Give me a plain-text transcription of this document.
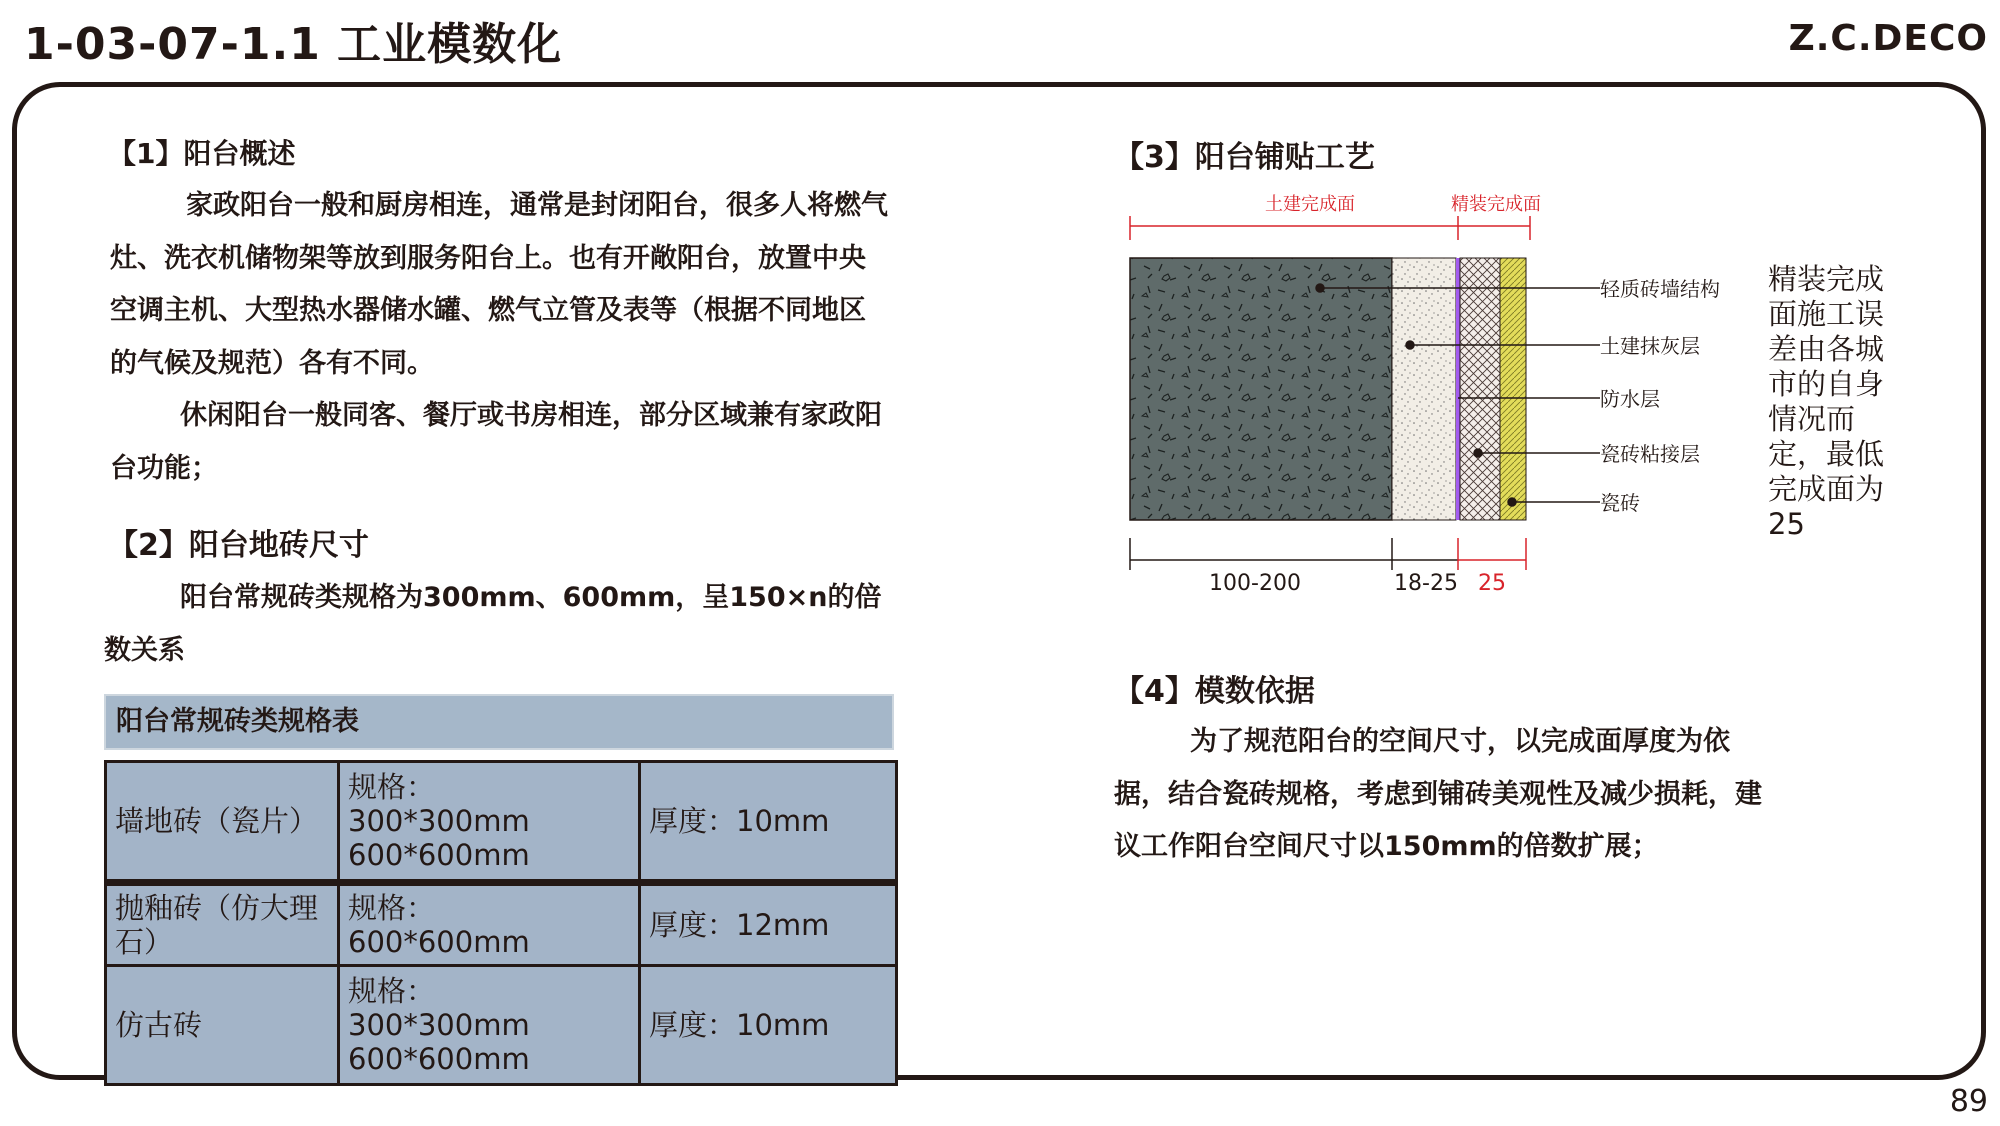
1-03-07-1.1 工业模数化	Z.C.DECO
89
【1】阳台概述
家政阳台一般和厨房相连，通常是封闭阳台，很多人将燃气
灶、洗衣机储物架等放到服务阳台上。也有开敞阳台，放置中央
空调主机、大型热水器储水罐、燃气立管及表等（根据不同地区
的气候及规范）各有不同。
休闲阳台一般同客、餐厅或书房相连，部分区域兼有家政阳
台功能；
【2】阳台地砖尺寸
阳台常规砖类规格为300mm、600mm，呈150×n的倍
数关系
阳台常规砖类规格表
墙地砖（瓷片）	规格：
300*300mm
600*600mm	厚度：10mm
抛釉砖（仿大理石）	规格：
600*600mm	厚度：12mm
仿古砖	规格：
300*300mm
600*600mm	厚度：10mm
【3】阳台铺贴工艺
土建完成面	精装完成面
轻质砖墙结构
土建抹灰层
防水层
瓷砖粘接层
瓷砖
100-200	18-25 25
精装完成面施工误差由各城市的自身情况而定，最低完成面为25
【4】模数依据
为了规范阳台的空间尺寸，以完成面厚度为依
据，结合瓷砖规格，考虑到铺砖美观性及减少损耗，建
议工作阳台空间尺寸以150mm的倍数扩展；
